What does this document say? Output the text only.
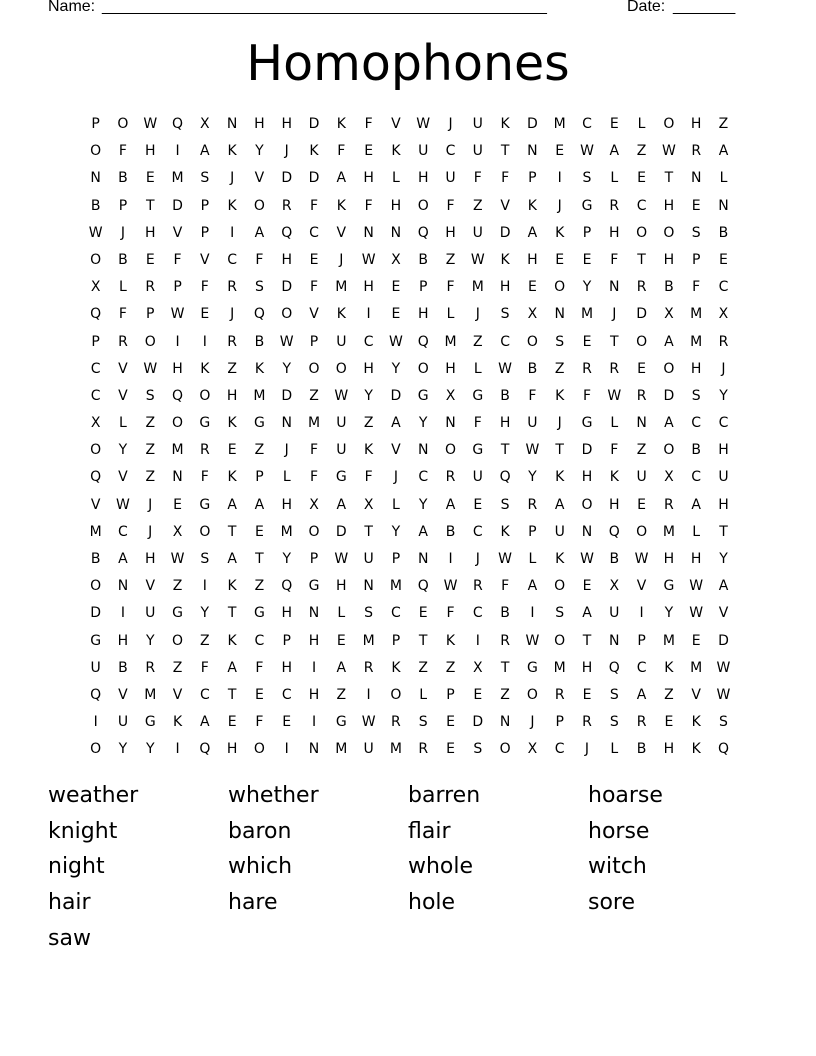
Name: __________________________________________________	Date: _______
Homophones
P	O	W	Q	X	N	H	H	D	K	F	V	W	J	U	K	D	M	C	E	L	O	H	Z
O	F	H	I	A	K	Y	J	K	F	E	K	U	C	U	T	N	E	W	A	Z	W	R	A
N	B	E	M	S	J	V	D	D	A	H	L	H	U	F	F	P	I	S	L	E	T	N	L
B	P	T	D	P	K	O	R	F	K	F	H	O	F	Z	V	K	J	G	R	C	H	E	N
W	J	H	V	P	I	A	Q	C	V	N	N	Q	H	U	D	A	K	P	H	O	O	S	B
O	B	E	F	V	C	F	H	E	J	W	X	B	Z	W	K	H	E	E	F	T	H	P	E
X	L	R	P	F	R	S	D	F	M	H	E	P	F	M	H	E	O	Y	N	R	B	F	C
Q	F	P	W	E	J	Q	O	V	K	I	E	H	L	J	S	X	N	M	J	D	X	M	X
P	R	O	I	I	R	B	W	P	U	C	W	Q	M	Z	C	O	S	E	T	O	A	M	R
C	V	W	H	K	Z	K	Y	O	O	H	Y	O	H	L	W	B	Z	R	R	E	O	H	J
C	V	S	Q	O	H	M	D	Z	W	Y	D	G	X	G	B	F	K	F	W	R	D	S	Y
X	L	Z	O	G	K	G	N	M	U	Z	A	Y	N	F	H	U	J	G	L	N	A	C	C
O	Y	Z	M	R	E	Z	J	F	U	K	V	N	O	G	T	W	T	D	F	Z	O	B	H
Q	V	Z	N	F	K	P	L	F	G	F	J	C	R	U	Q	Y	K	H	K	U	X	C	U
V	W	J	E	G	A	A	H	X	A	X	L	Y	A	E	S	R	A	O	H	E	R	A	H
M	C	J	X	O	T	E	M	O	D	T	Y	A	B	C	K	P	U	N	Q	O	M	L	T
B	A	H	W	S	A	T	Y	P	W	U	P	N	I	J	W	L	K	W	B	W	H	H	Y
O	N	V	Z	I	K	Z	Q	G	H	N	M	Q	W	R	F	A	O	E	X	V	G	W	A
D	I	U	G	Y	T	G	H	N	L	S	C	E	F	C	B	I	S	A	U	I	Y	W	V
G	H	Y	O	Z	K	C	P	H	E	M	P	T	K	I	R	W	O	T	N	P	M	E	D
U	B	R	Z	F	A	F	H	I	A	R	K	Z	Z	X	T	G	M	H	Q	C	K	M	W
Q	V	M	V	C	T	E	C	H	Z	I	O	L	P	E	Z	O	R	E	S	A	Z	V	W
I	U	G	K	A	E	F	E	I	G	W	R	S	E	D	N	J	P	R	S	R	E	K	S
O	Y	Y	I	Q	H	O	I	N	M	U	M	R	E	S	O	X	C	J	L	B	H	K	Q
weather	whether	barren	hoarse
knight	baron	flair	horse
night	which	whole	witch
hair	hare	hole	sore
saw
